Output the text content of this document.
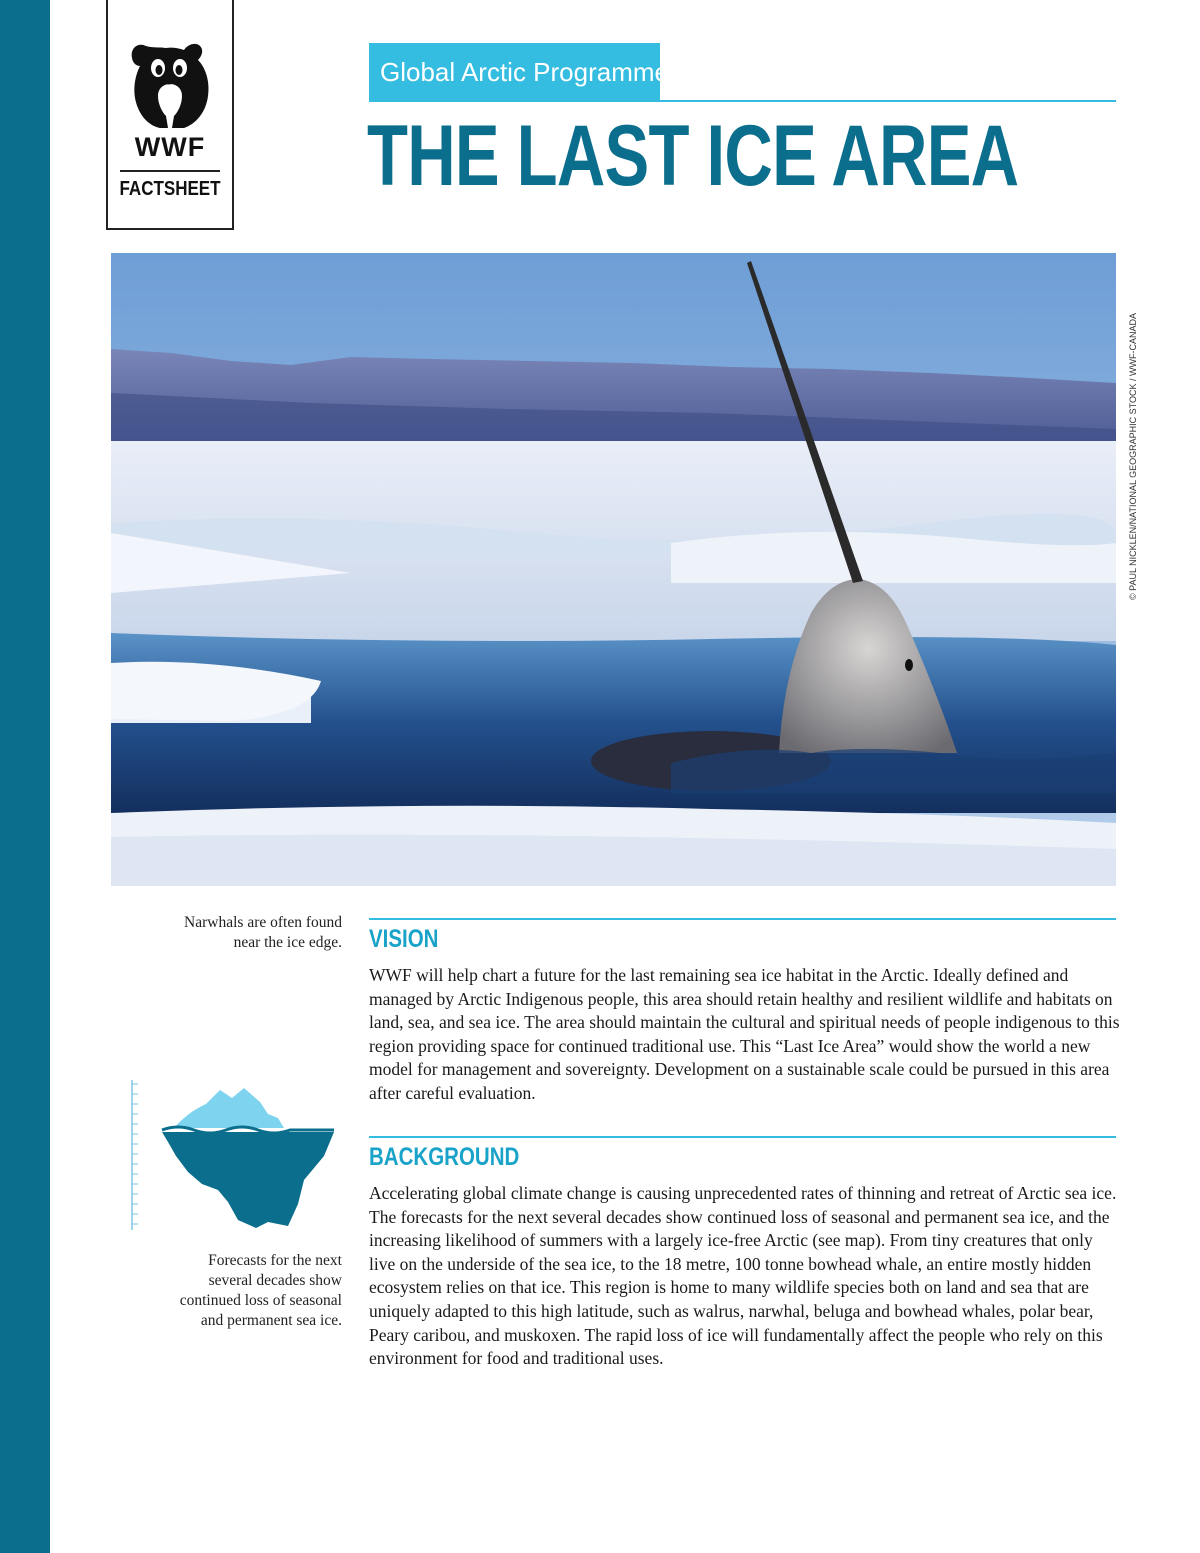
WWF
FACTSHEET
Global Arctic Programme
THE LAST ICE AREA
© PAUL NICKLEN/NATIONAL GEOGRAPHIC STOCK / WWF-CANADA
Narwhals are often found
near the ice edge. VISION
WWF will help chart a future for the last remaining sea ice habitat in the Arctic. Ideally defined and managed by Arctic Indigenous people, this area should retain healthy and resilient wildlife and habitats on land, sea, and sea ice. The area should maintain the cultural and spiritual needs of people indigenous to this region providing space for continued traditional use. This “Last Ice Area” would show the world a new model for management and sovereignty. Development on a sustainable scale could be pursued in this area after careful evaluation.
Forecasts for the next
several decades show
continued loss of seasonal
and permanent sea ice.
BACKGROUND
Accelerating global climate change is causing unprecedented rates of thinning and retreat of Arctic sea ice. The forecasts for the next several decades show continued loss of seasonal and permanent sea ice, and the increasing likelihood of summers with a largely ice-free Arctic (see map). From tiny creatures that only live on the underside of the sea ice, to the 18 metre, 100 tonne bowhead whale, an entire mostly hidden ecosystem relies on that ice. This region is home to many wildlife species both on land and sea that are uniquely adapted to this high latitude, such as walrus, narwhal, beluga and bowhead whales, polar bear, Peary caribou, and muskoxen. The rapid loss of ice will fundamentally affect the people who rely on this environment for food and traditional uses.
